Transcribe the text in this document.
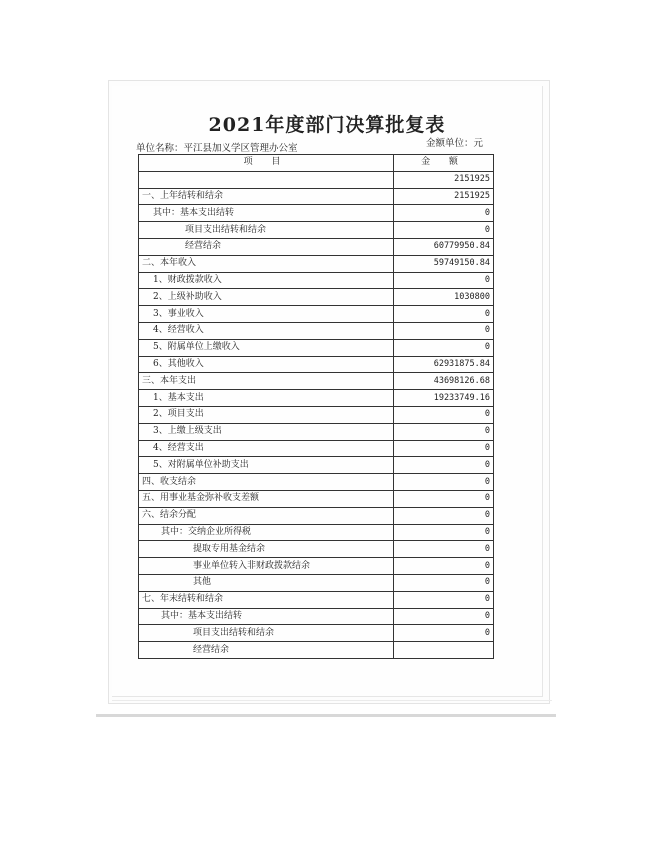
2021年度部门决算批复表
单位名称：平江县加义学区管理办公室	金额单位：元
项 目	金 额
	2151925
一、上年结转和结余	2151925
其中：基本支出结转	0
项目支出结转和结余	0
经营结余	60779950.84
二、本年收入	59749150.84
1、财政拨款收入	0
2、上级补助收入	1030800
3、事业收入	0
4、经营收入	0
5、附属单位上缴收入	0
6、其他收入	62931875.84
三、本年支出	43698126.68
1、基本支出	19233749.16
2、项目支出	0
3、上缴上级支出	0
4、经营支出	0
5、对附属单位补助支出	0
四、收支结余	0
五、用事业基金弥补收支差额	0
六、结余分配	0
其中：交纳企业所得税	0
提取专用基金结余	0
事业单位转入非财政拨款结余	0
其他	0
七、年末结转和结余	0
其中：基本支出结转	0
项目支出结转和结余	0
经营结余	
